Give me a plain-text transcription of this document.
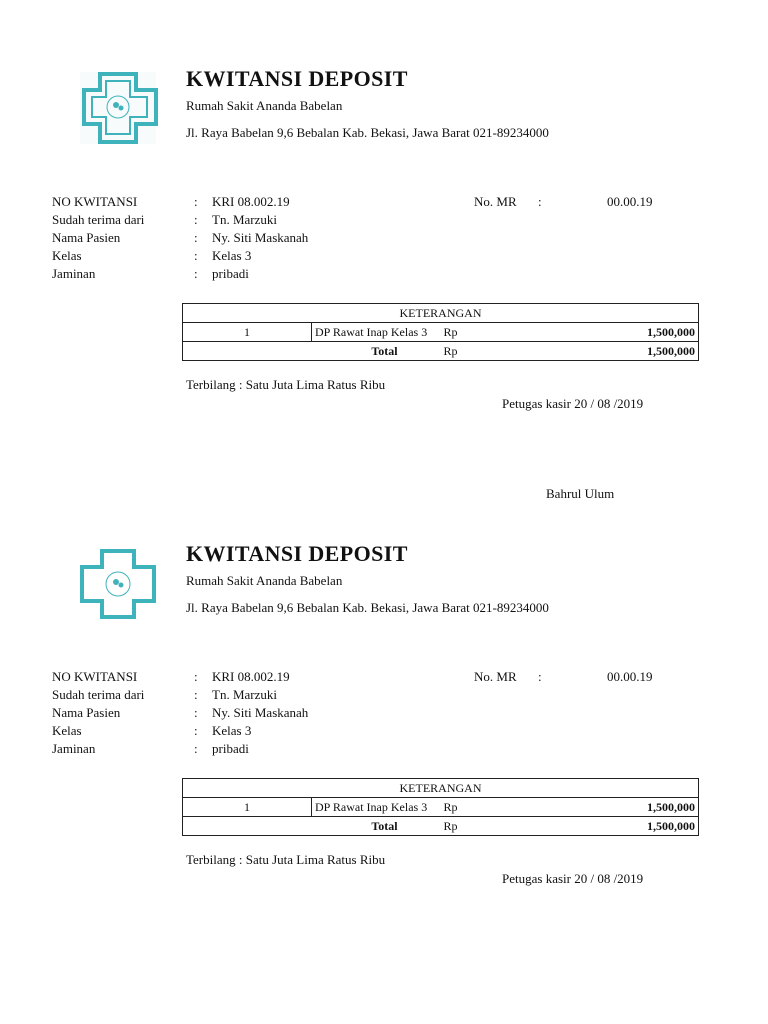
KWITANSI DEPOSIT
Rumah Sakit Ananda Babelan
Jl. Raya Babelan 9,6 Bebalan Kab. Bekasi, Jawa Barat 021-89234000
NO KWITANSI	: KRI 08.002.19	No. MR :	00.00.19
Sudah terima dari	: Tn. Marzuki
Nama Pasien	: Ny. Siti Maskanah
Kelas	: Kelas 3
Jaminan	: pribadi
KETERANGAN			
1	DP Rawat Inap Kelas 3	Rp	1,500,000
	Total	Rp	1,500,000
Terbilang : Satu Juta Lima Ratus Ribu
Petugas kasir 20 / 08 /2019
Bahrul Ulum
KWITANSI DEPOSIT
Rumah Sakit Ananda Babelan
Jl. Raya Babelan 9,6 Bebalan Kab. Bekasi, Jawa Barat 021-89234000
NO KWITANSI	: KRI 08.002.19	No. MR :	00.00.19
Sudah terima dari	: Tn. Marzuki
Nama Pasien	: Ny. Siti Maskanah
Kelas	: Kelas 3
Jaminan	: pribadi
KETERANGAN			
1	DP Rawat Inap Kelas 3	Rp	1,500,000
	Total	Rp	1,500,000
Terbilang : Satu Juta Lima Ratus Ribu
Petugas kasir 20 / 08 /2019
